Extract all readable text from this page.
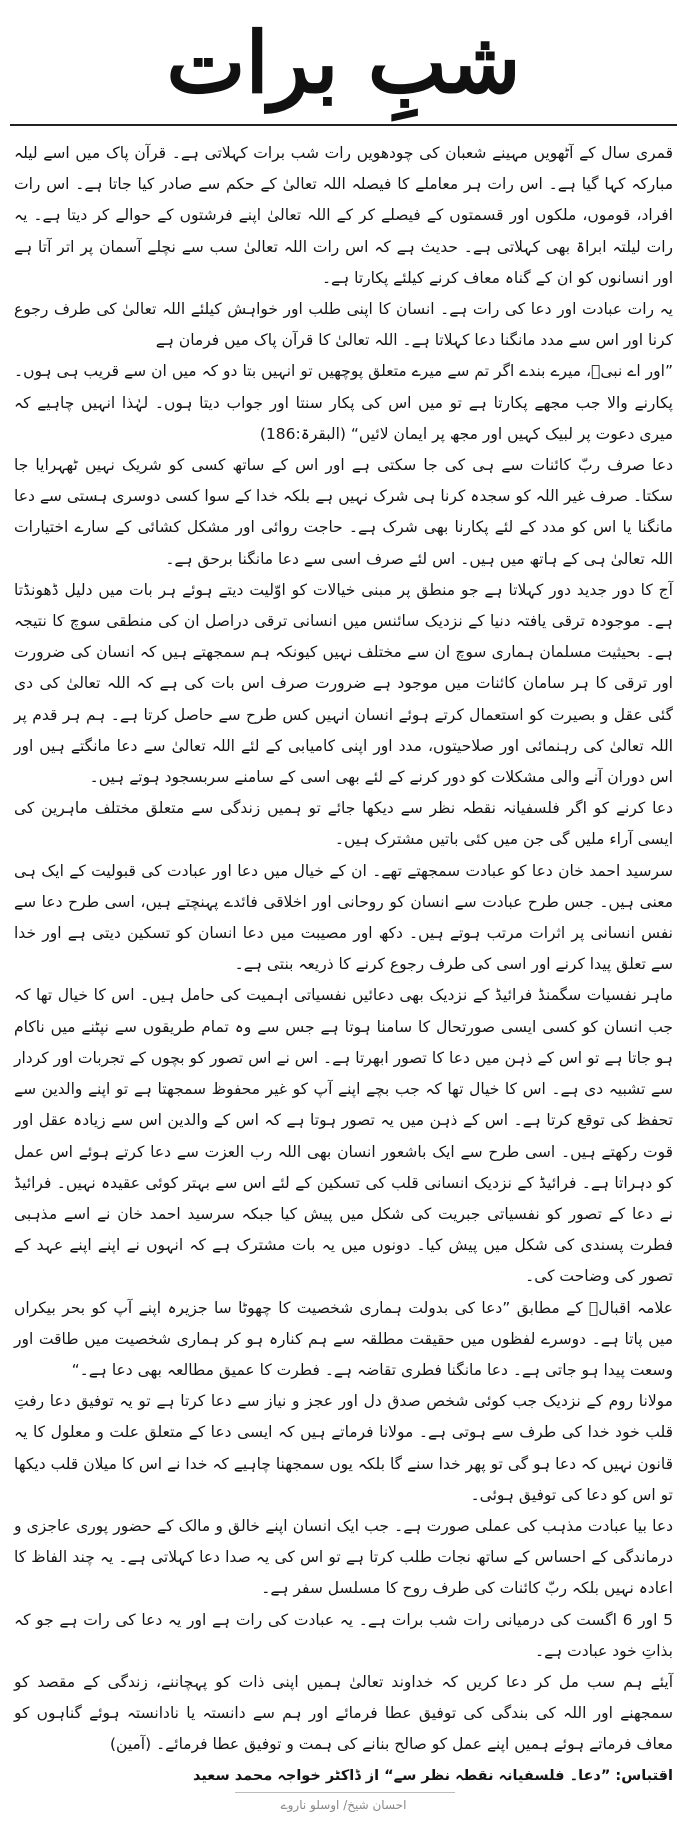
شبِ برات

قمری سال کے آٹھویں مہینے شعبان کی چودھویں رات شب برات کہلاتی ہے۔ قرآن پاک میں اسے لیلہ مبارکہ کہا گیا ہے۔ اس رات ہر معاملے کا فیصلہ اللہ تعالیٰ کے حکم سے صادر کیا جاتا ہے۔ اس رات افراد، قوموں، ملکوں اور قسمتوں کے فیصلے کر کے اللہ تعالیٰ اپنے فرشتوں کے حوالے کر دیتا ہے۔ یہ رات لیلتہ ابراۃ بھی کہلاتی ہے۔ حدیث ہے کہ اس رات اللہ تعالیٰ سب سے نچلے آسمان پر اتر آتا ہے اور انسانوں کو ان کے گناہ معاف کرنے کیلئے پکارتا ہے۔

یہ رات عبادت اور دعا کی رات ہے۔ انسان کا اپنی طلب اور خواہش کیلئے اللہ تعالیٰ کی طرف رجوع کرنا اور اس سے مدد مانگنا دعا کہلاتا ہے۔ اللہ تعالیٰ کا قرآن پاک میں فرمان ہے

”اور اے نبیؐ، میرے بندے اگر تم سے میرے متعلق پوچھیں تو انہیں بتا دو کہ میں ان سے قریب ہی ہوں۔ پکارنے والا جب مجھے پکارتا ہے تو میں اس کی پکار سنتا اور جواب دیتا ہوں۔ لہٰذا انہیں چاہیے کہ میری دعوت پر لبیک کہیں اور مجھ پر ایمان لائیں“ (البقرۃ:186)

دعا صرف ربّ کائنات سے ہی کی جا سکتی ہے اور اس کے ساتھ کسی کو شریک نہیں ٹھہرایا جا سکتا۔ صرف غیر اللہ کو سجدہ کرنا ہی شرک نہیں ہے بلکہ خدا کے سوا کسی دوسری ہستی سے دعا مانگنا یا اس کو مدد کے لئے پکارنا بھی شرک ہے۔ حاجت روائی اور مشکل کشائی کے سارے اختیارات اللہ تعالیٰ ہی کے ہاتھ میں ہیں۔ اس لئے صرف اسی سے دعا مانگنا برحق ہے۔

آج کا دور جدید دور کہلاتا ہے جو منطق پر مبنی خیالات کو اوّلیت دیتے ہوئے ہر بات میں دلیل ڈھونڈتا ہے۔ موجودہ ترقی یافتہ دنیا کے نزدیک سائنس میں انسانی ترقی دراصل ان کی منطقی سوچ کا نتیجہ ہے۔ بحیثیت مسلمان ہماری سوچ ان سے مختلف نہیں کیونکہ ہم سمجھتے ہیں کہ انسان کی ضرورت اور ترقی کا ہر سامان کائنات میں موجود ہے ضرورت صرف اس بات کی ہے کہ اللہ تعالیٰ کی دی گئی عقل و بصیرت کو استعمال کرتے ہوئے انسان انہیں کس طرح سے حاصل کرتا ہے۔ ہم ہر قدم پر اللہ تعالیٰ کی رہنمائی اور صلاحیتوں، مدد اور اپنی کامیابی کے لئے اللہ تعالیٰ سے دعا مانگتے ہیں اور اس دوران آنے والی مشکلات کو دور کرنے کے لئے بھی اسی کے سامنے سربسجود ہوتے ہیں۔

دعا کرنے کو اگر فلسفیانہ نقطہ نظر سے دیکھا جائے تو ہمیں زندگی سے متعلق مختلف ماہرین کی ایسی آراء ملیں گی جن میں کئی باتیں مشترک ہیں۔

سرسید احمد خان دعا کو عبادت سمجھتے تھے۔ ان کے خیال میں دعا اور عبادت کی قبولیت کے ایک ہی معنی ہیں۔ جس طرح عبادت سے انسان کو روحانی اور اخلاقی فائدے پہنچتے ہیں، اسی طرح دعا سے نفس انسانی پر اثرات مرتب ہوتے ہیں۔ دکھ اور مصیبت میں دعا انسان کو تسکین دیتی ہے اور خدا سے تعلق پیدا کرنے اور اسی کی طرف رجوع کرنے کا ذریعہ بنتی ہے۔

ماہر نفسیات سگمنڈ فرائیڈ کے نزدیک بھی دعائیں نفسیاتی اہمیت کی حامل ہیں۔ اس کا خیال تھا کہ جب انسان کو کسی ایسی صورتحال کا سامنا ہوتا ہے جس سے وہ تمام طریقوں سے نپٹنے میں ناکام ہو جاتا ہے تو اس کے ذہن میں دعا کا تصور ابھرتا ہے۔ اس نے اس تصور کو بچوں کے تجربات اور کردار سے تشبیہ دی ہے۔ اس کا خیال تھا کہ جب بچے اپنے آپ کو غیر محفوظ سمجھتا ہے تو اپنے والدین سے تحفظ کی توقع کرتا ہے۔ اس کے ذہن میں یہ تصور ہوتا ہے کہ اس کے والدین اس سے زیادہ عقل اور قوت رکھتے ہیں۔ اسی طرح سے ایک باشعور انسان بھی اللہ رب العزت سے دعا کرتے ہوئے اس عمل کو دہراتا ہے۔ فرائیڈ کے نزدیک انسانی قلب کی تسکین کے لئے اس سے بہتر کوئی عقیدہ نہیں۔ فرائیڈ نے دعا کے تصور کو نفسیاتی جبریت کی شکل میں پیش کیا جبکہ سرسید احمد خان نے اسے مذہبی فطرت پسندی کی شکل میں پیش کیا۔ دونوں میں یہ بات مشترک ہے کہ انہوں نے اپنے اپنے عہد کے تصور کی وضاحت کی۔

علامہ اقبالؒ کے مطابق ”دعا کی بدولت ہماری شخصیت کا چھوٹا سا جزیرہ اپنے آپ کو بحر بیکراں میں پاتا ہے۔ دوسرے لفظوں میں حقیقت مطلقہ سے ہم کنارہ ہو کر ہماری شخصیت میں طاقت اور وسعت پیدا ہو جاتی ہے۔ دعا مانگنا فطری تقاضہ ہے۔ فطرت کا عمیق مطالعہ بھی دعا ہے۔“

مولانا روم کے نزدیک جب کوئی شخص صدق دل اور عجز و نیاز سے دعا کرتا ہے تو یہ توفیق دعا رفتِ قلب خود خدا کی طرف سے ہوتی ہے۔ مولانا فرماتے ہیں کہ ایسی دعا کے متعلق علت و معلول کا یہ قانون نہیں کہ دعا ہو گی تو پھر خدا سنے گا بلکہ یوں سمجھنا چاہیے کہ خدا نے اس کا میلان قلب دیکھا تو اس کو دعا کی توفیق ہوئی۔

دعا بیا عبادت مذہب کی عملی صورت ہے۔ جب ایک انسان اپنے خالق و مالک کے حضور پوری عاجزی و درماندگی کے احساس کے ساتھ نجات طلب کرتا ہے تو اس کی یہ صدا دعا کہلاتی ہے۔ یہ چند الفاظ کا اعادہ نہیں بلکہ ربّ کائنات کی طرف روح کا مسلسل سفر ہے۔

5 اور 6 اگست کی درمیانی رات شب برات ہے۔ یہ عبادت کی رات ہے اور یہ دعا کی رات ہے جو کہ بذاتِ خود عبادت ہے۔

آیئے ہم سب مل کر دعا کریں کہ خداوند تعالیٰ ہمیں اپنی ذات کو پہچاننے، زندگی کے مقصد کو سمجھنے اور اللہ کی بندگی کی توفیق عطا فرمائے اور ہم سے دانستہ یا نادانستہ ہوئے گناہوں کو معاف فرماتے ہوئے ہمیں اپنے عمل کو صالح بنانے کی ہمت و توفیق عطا فرمائے۔ (آمین)

اقتباس: ”دعا۔ فلسفیانہ نقطہ نظر سے“ از ڈاکٹر خواجہ محمد سعید

احسان شیخ/ اوسلو ناروے
